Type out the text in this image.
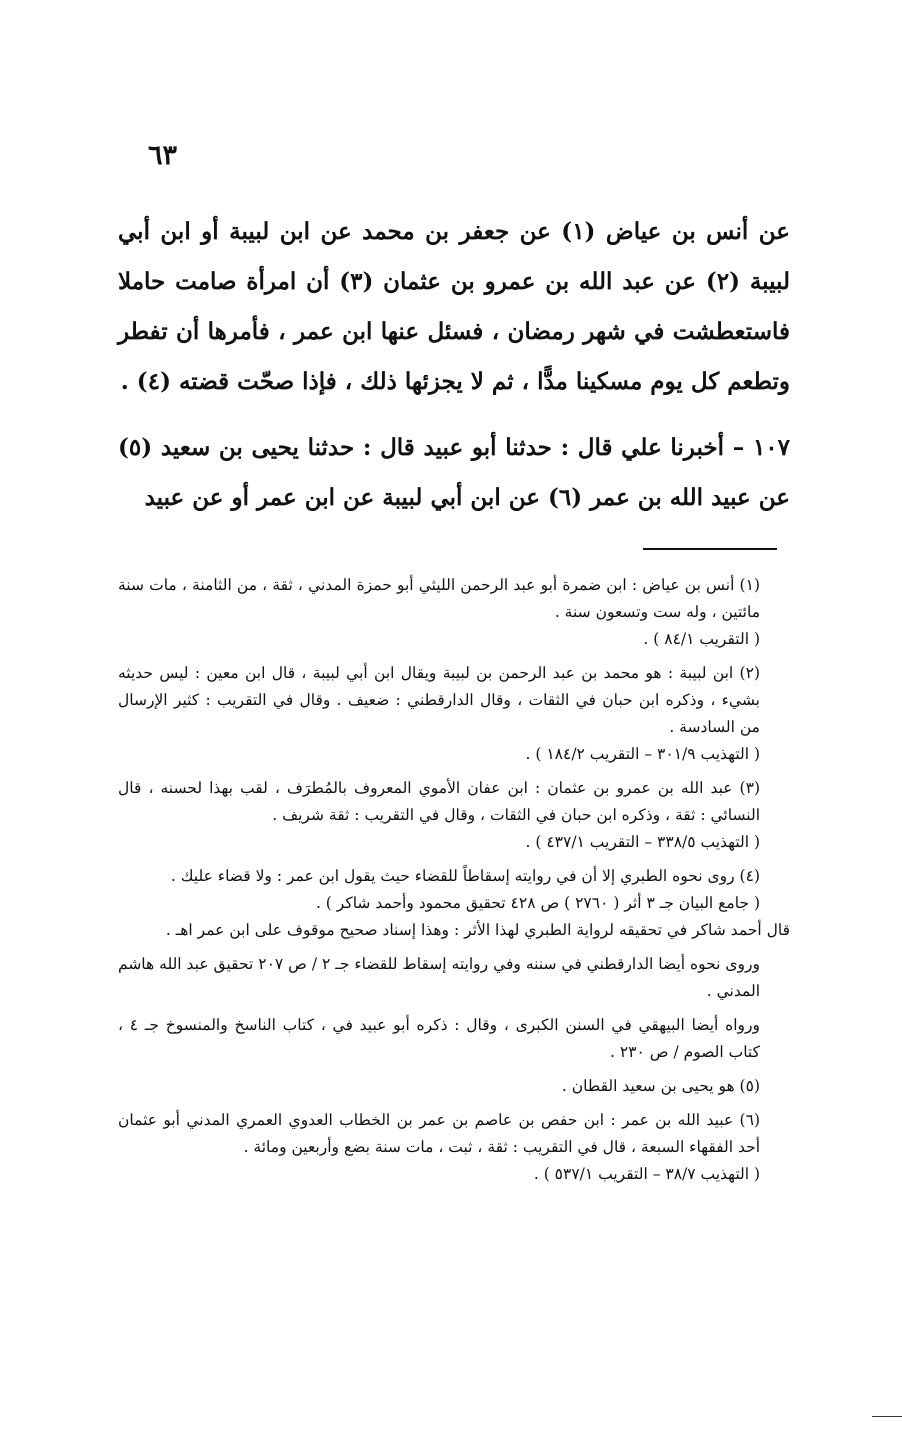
٦٣

عن أنس بن عياض (١) عن جعفر بن محمد عن ابن لبيبة أو ابن أبي لبيبة (٢) عن عبد الله بن عمرو بن عثمان (٣) أن امرأة صامت حاملا فاستعطشت في شهر رمضان ، فسئل عنها ابن عمر ، فأمرها أن تفطر وتطعم كل يوم مسكينا مدًّا ، ثم لا يجزئها ذلك ، فإذا صحّت قضته (٤) .

١٠٧ – أخبرنا علي قال : حدثنا أبو عبيد قال : حدثنا يحيى بن سعيد (٥) عن عبيد الله بن عمر (٦) عن ابن أبي لبيبة عن ابن عمر أو عن عبيد

(١) أنس بن عياض : ابن ضمرة أبو عبد الرحمن الليثي أبو حمزة المدني ، ثقة ، من الثامنة ، مات سنة مائتين ، وله ست وتسعون سنة .
( التقريب ٨٤/١ ) .
(٢) ابن لبيبة : هو محمد بن عبد الرحمن بن لبيبة ويقال ابن أبي لبيبة ، قال ابن معين : ليس حديثه بشيء ، وذكره ابن حبان في الثقات ، وقال الدارقطني : ضعيف . وقال في التقريب : كثير الإرسال من السادسة .
( التهذيب ٣٠١/٩ – التقريب ١٨٤/٢ ) .
(٣) عبد الله بن عمرو بن عثمان : ابن عفان الأموي المعروف بالمُطرَف ، لقب بهذا لحسنه ، قال النسائي : ثقة ، وذكره ابن حبان في الثقات ، وقال في التقريب : ثقة شريف .
( التهذيب ٣٣٨/٥ – التقريب ٤٣٧/١ ) .
(٤) روى نحوه الطبري إلا أن في روايته إسقاطاً للقضاء حيث يقول ابن عمر : ولا قضاء عليك .
( جامع البيان جـ ٣ أثر ( ٢٧٦٠ ) ص ٤٢٨ تحقيق محمود وأحمد شاكر ) .
قال أحمد شاكر في تحقيقه لرواية الطبري لهذا الأثر : وهذا إسناد صحيح موقوف على ابن عمر اهـ .
وروى نحوه أيضا الدارقطني في سننه وفي روايته إسقاط للقضاء جـ ٢ / ص ٢٠٧ تحقيق عبد الله هاشم المدني .
ورواه أيضا البيهقي في السنن الكبرى ، وقال : ذكره أبو عبيد في ، كتاب الناسخ والمنسوخ جـ ٤ ، كتاب الصوم / ص ٢٣٠ .
(٥) هو يحيى بن سعيد القطان .
(٦) عبيد الله بن عمر : ابن حفص بن عاصم بن عمر بن الخطاب العدوي العمري المدني أبو عثمان أحد الفقهاء السبعة ، قال في التقريب : ثقة ، ثبت ، مات سنة بضع وأربعين ومائة .
( التهذيب ٣٨/٧ – التقريب ٥٣٧/١ ) .
